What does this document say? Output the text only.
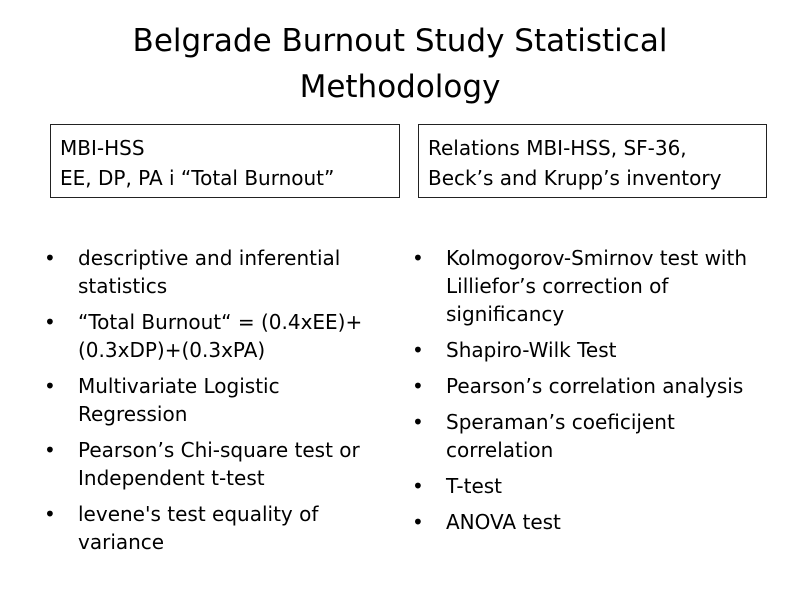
Belgrade Burnout Study Statistical Methodology
MBI-HSS
EE, DP, PA i “Total Burnout”
Relations MBI-HSS, SF-36,
Beck’s and Krupp’s inventory
• descriptive and inferential statistics
• “Total Burnout“ = (0.4xEE)+(0.3xDP)+(0.3xPA)
• Multivariate Logistic Regression
• Pearson’s Chi-square test or Independent t-test
• levene's test equality of variance
• Kolmogorov-Smirnov test with Lilliefor’s correction of significancy
• Shapiro-Wilk Test
• Pearson’s correlation analysis
• Speraman’s coeficijent correlation
• T-test
• ANOVA test
